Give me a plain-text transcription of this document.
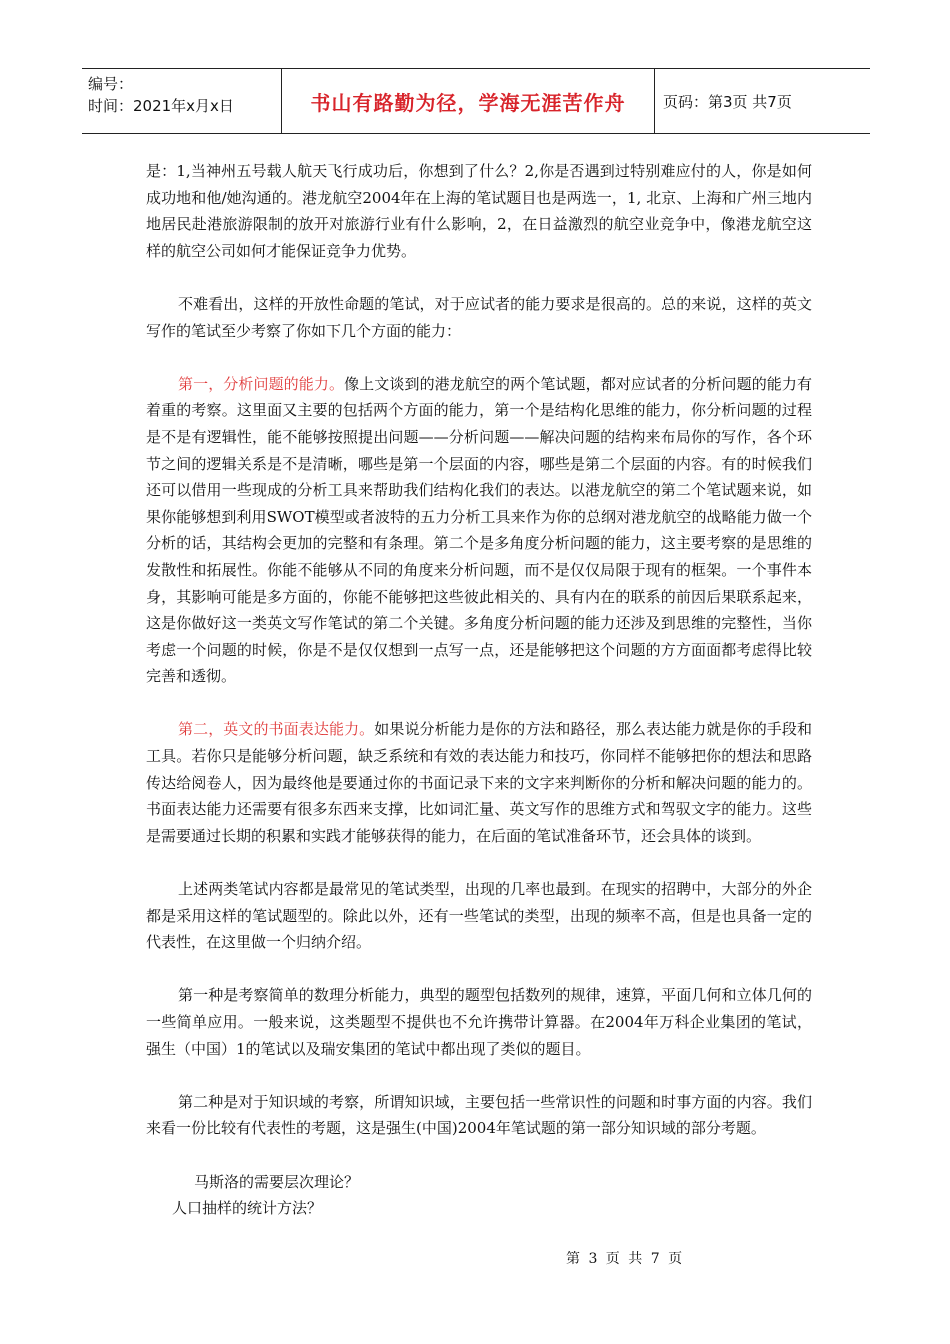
编号：
时间：2021年x月x日	书山有路勤为径，学海无涯苦作舟	页码：第3页 共7页

是：1,当神州五号载人航天飞行成功后，你想到了什么？2,你是否遇到过特别难应付的人，你是如何成功地和他/她沟通的。港龙航空2004年在上海的笔试题目也是两选一，1, 北京、上海和广州三地内地居民赴港旅游限制的放开对旅游行业有什么影响，2，在日益激烈的航空业竞争中，像港龙航空这样的航空公司如何才能保证竞争力优势。

不难看出，这样的开放性命题的笔试，对于应试者的能力要求是很高的。总的来说，这样的英文写作的笔试至少考察了你如下几个方面的能力：

第一，分析问题的能力。像上文谈到的港龙航空的两个笔试题，都对应试者的分析问题的能力有着重的考察。这里面又主要的包括两个方面的能力，第一个是结构化思维的能力，你分析问题的过程是不是有逻辑性，能不能够按照提出问题——分析问题——解决问题的结构来布局你的写作，各个环节之间的逻辑关系是不是清晰，哪些是第一个层面的内容，哪些是第二个层面的内容。有的时候我们还可以借用一些现成的分析工具来帮助我们结构化我们的表达。以港龙航空的第二个笔试题来说，如果你能够想到利用SWOT模型或者波特的五力分析工具来作为你的总纲对港龙航空的战略能力做一个分析的话，其结构会更加的完整和有条理。第二个是多角度分析问题的能力，这主要考察的是思维的发散性和拓展性。你能不能够从不同的角度来分析问题，而不是仅仅局限于现有的框架。一个事件本身，其影响可能是多方面的，你能不能够把这些彼此相关的、具有内在的联系的前因后果联系起来，这是你做好这一类英文写作笔试的第二个关键。多角度分析问题的能力还涉及到思维的完整性，当你考虑一个问题的时候，你是不是仅仅想到一点写一点，还是能够把这个问题的方方面面都考虑得比较完善和透彻。

第二，英文的书面表达能力。如果说分析能力是你的方法和路径，那么表达能力就是你的手段和工具。若你只是能够分析问题，缺乏系统和有效的表达能力和技巧，你同样不能够把你的想法和思路传达给阅卷人，因为最终他是要通过你的书面记录下来的文字来判断你的分析和解决问题的能力的。书面表达能力还需要有很多东西来支撑，比如词汇量、英文写作的思维方式和驾驭文字的能力。这些是需要通过长期的积累和实践才能够获得的能力，在后面的笔试准备环节，还会具体的谈到。

上述两类笔试内容都是最常见的笔试类型，出现的几率也最到。在现实的招聘中，大部分的外企都是采用这样的笔试题型的。除此以外，还有一些笔试的类型，出现的频率不高，但是也具备一定的代表性，在这里做一个归纳介绍。

第一种是考察简单的数理分析能力，典型的题型包括数列的规律，速算，平面几何和立体几何的一些简单应用。一般来说，这类题型不提供也不允许携带计算器。在2004年万科企业集团的笔试，强生（中国）1的笔试以及瑞安集团的笔试中都出现了类似的题目。

第二种是对于知识域的考察，所谓知识域，主要包括一些常识性的问题和时事方面的内容。我们来看一份比较有代表性的考题，这是强生(中国)2004年笔试题的第一部分知识域的部分考题。

马斯洛的需要层次理论？

人口抽样的统计方法？

第 3 页 共 7 页
